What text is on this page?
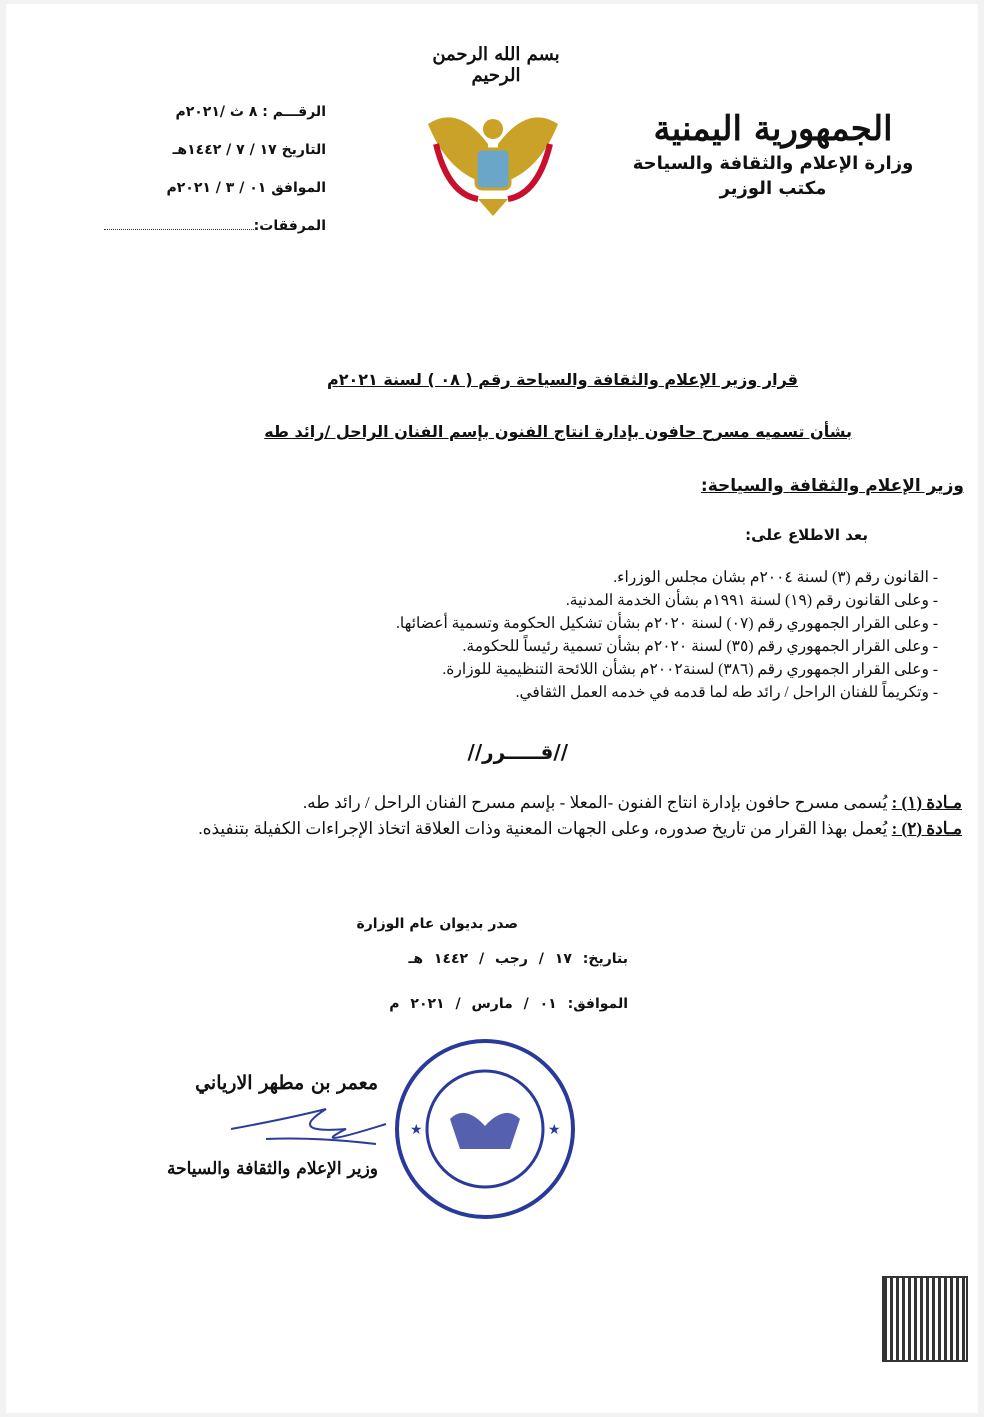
بسم الله الرحمن الرحيم
الجمهورية اليمنية
وزارة الإعلام والثقافة والسياحة
مكتب الوزير
الرقـــم : ٨ ث /٢٠٢١م
التاريخ ١٧ / ٧ / ١٤٤٢هـ
الموافق ٠١ / ٣ / ٢٠٢١م
المرفقات:
قرار وزير الإعلام والثقافة والسياحة رقم ( ٠٨ ) لسنة ٢٠٢١م
بشأن تسميه مسرح حافون بإدارة انتاج الفنون بإسم الفنان الراحل /رائد طه
وزير الإعلام والثقافة والسياحة:
بعد الاطلاع على:
- القانون رقم (٣) لسنة ٢٠٠٤م بشان مجلس الوزراء.
- وعلى القانون رقم (١٩) لسنة ١٩٩١م بشأن الخدمة المدنية.
- وعلى القرار الجمهوري رقم (٠٧) لسنة ٢٠٢٠م بشأن تشكيل الحكومة وتسمية أعضائها.
- وعلى القرار الجمهوري رقم (٣٥) لسنة ٢٠٢٠م بشأن تسمية رئيساً للحكومة.
- وعلى القرار الجمهوري رقم (٣٨٦) لسنة٢٠٠٢م بشأن اللائحة التنظيمية للوزارة.
- وتكريماً للفنان الراحل / رائد طه لما قدمه في خدمه العمل الثقافي.
//قـــــرر//
مـادة (١) : يُسمى مسرح حافون بإدارة انتاج الفنون -المعلا - بإسم مسرح الفنان الراحل / رائد طه.
مـادة (٢) : يُعمل بهذا القرار من تاريخ صدوره، وعلى الجهات المعنية وذات العلاقة اتخاذ الإجراءات الكفيلة بتنفيذه.
صدر بديوان عام الوزارة
بتاريخ: ١٧ / رجب / ١٤٤٢ هـ
الموافق: ٠١ / مارس / ٢٠٢١ م
معمر بن مطهر الارياني
وزير الإعلام والثقافة والسياحة
★	★
